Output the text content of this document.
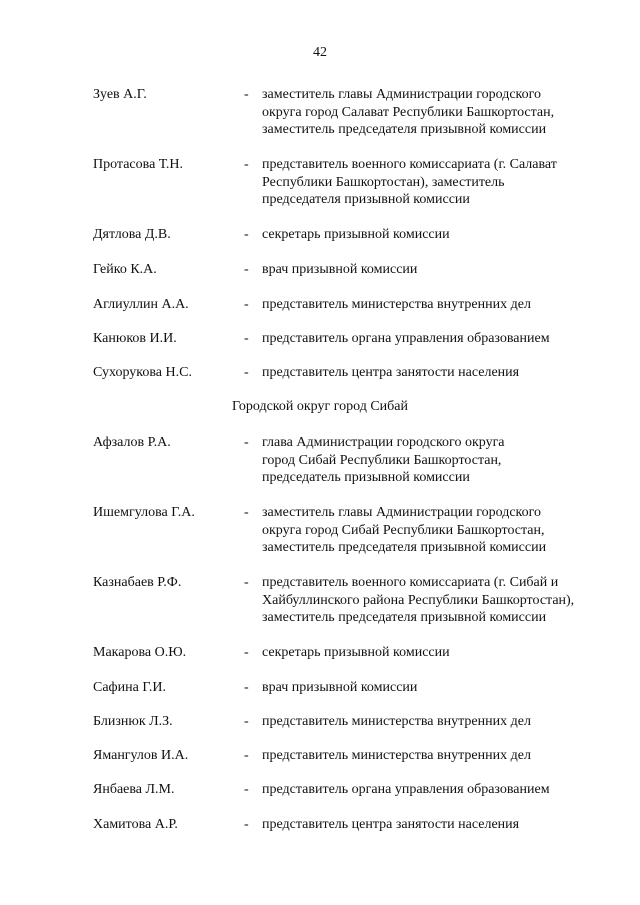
42
Зуев А.Г.	- заместитель главы Администрации городского
округа город Салават Республики Башкортостан,
заместитель председателя призывной комиссии
Протасова Т.Н.	- представитель военного комиссариата (г. Салават
Республики Башкортостан), заместитель
председателя призывной комиссии
Дятлова Д.В.	- секретарь призывной комиссии
Гейко К.А.	- врач призывной комиссии
Аглиуллин А.А.	- представитель министерства внутренних дел
Канюков И.И.	- представитель органа управления образованием
Сухорукова Н.С.	- представитель центра занятости населения
Городской округ город Сибай
Афзалов Р.А.	- глава Администрации городского округа
город Сибай Республики Башкортостан,
председатель призывной комиссии
Ишемгулова Г.А.	- заместитель главы Администрации городского
округа город Сибай Республики Башкортостан,
заместитель председателя призывной комиссии
Казнабаев Р.Ф.	- представитель военного комиссариата (г. Сибай и
Хайбуллинского района Республики Башкортостан),
заместитель председателя призывной комиссии
Макарова О.Ю.	- секретарь призывной комиссии
Сафина Г.И.	- врач призывной комиссии
Близнюк Л.З.	- представитель министерства внутренних дел
Ямангулов И.А.	- представитель министерства внутренних дел
Янбаева Л.М.	- представитель органа управления образованием
Хамитова А.Р.	- представитель центра занятости населения
